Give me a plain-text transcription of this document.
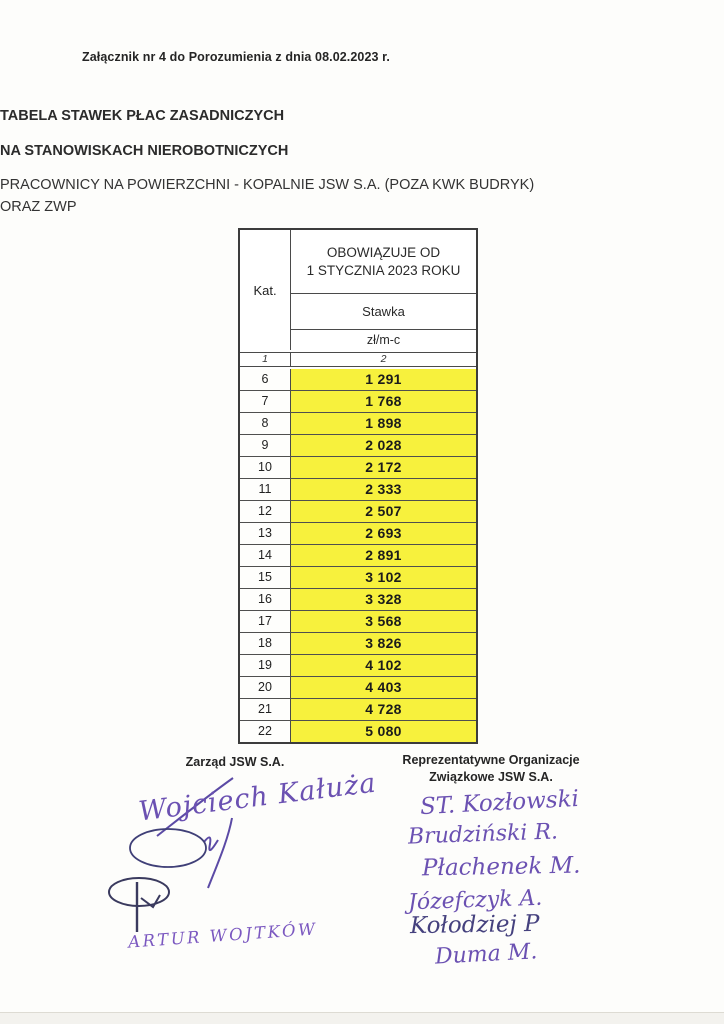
Załącznik nr 4 do Porozumienia z dnia 08.02.2023 r.
TABELA STAWEK PŁAC ZASADNICZYCH
NA STANOWISKACH NIEROBOTNICZYCH
PRACOWNICY NA POWIERZCHNI - KOPALNIE JSW S.A. (POZA KWK BUDRYK)
ORAZ ZWP
Kat.
OBOWIĄZUJE OD
1 STYCZNIA 2023 ROKU
Stawka
zł/m-c
1	2
6	1 291
7	1 768
8	1 898
9	2 028
10	2 172
11	2 333
12	2 507
13	2 693
14	2 891
15	3 102
16	3 328
17	3 568
18	3 826
19	4 102
20	4 403
21	4 728
22	5 080
Zarząd JSW S.A.
Wojciech Kałuża
ARTUR WOJTKÓW
Reprezentatywne Organizacje
Związkowe JSW S.A.
ST. Kozłowski
Brudziński R.
Płachenek M.
Józefczyk A.
Kołodziej P
Duma M.
